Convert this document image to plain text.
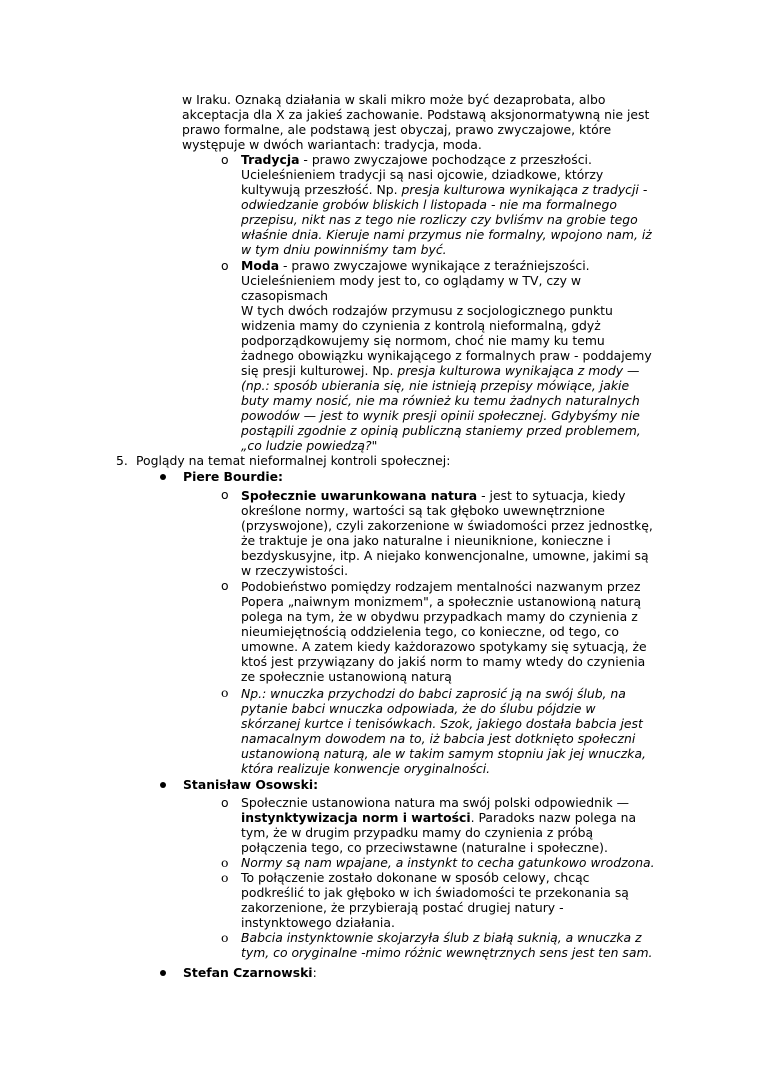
w Iraku. Oznaką działania w skali mikro może być dezaprobata, albo
akceptacja dla X za jakieś zachowanie. Podstawą aksjonormatywną nie jest
prawo formalne, ale podstawą jest obyczaj, prawo zwyczajowe, które
występuje w dwóch wariantach: tradycja, moda.
o Tradycja - prawo zwyczajowe pochodzące z przeszłości.
Ucieleśnieniem tradycji są nasi ojcowie, dziadkowe, którzy
kultywują przeszłość. Np. presja kulturowa wynikająca z tradycji -
odwiedzanie grobów bliskich l listopada - nie ma formalnego
przepisu, nikt nas z tego nie rozliczy czy bvliśmv na grobie tego
właśnie dnia. Kieruje nami przymus nie formalny, wpojono nam, iż
w tym dniu powinniśmy tam być.
o Moda - prawo zwyczajowe wynikające z teraźniejszości.
Ucieleśnieniem mody jest to, co oglądamy w TV, czy w
czasopismach
W tych dwóch rodzajów przymusu z socjologicznego punktu
widzenia mamy do czynienia z kontrolą nieformalną, gdyż
podporządkowujemy się normom, choć nie mamy ku temu
żadnego obowiązku wynikającego z formalnych praw - poddajemy
się presji kulturowej. Np. presja kulturowa wynikająca z mody —
(np.: sposób ubierania się, nie istnieją przepisy mówiące, jakie
buty mamy nosić, nie ma również ku temu żadnych naturalnych
powodów — jest to wynik presji opinii społecznej. Gdybyśmy nie
postąpili zgodnie z opinią publiczną staniemy przed problemem,
„co ludzie powiedzą?"
5. Poglądy na temat nieformalnej kontroli społecznej:
Piere Bourdie:
o Społecznie uwarunkowana natura - jest to sytuacja, kiedy
określone normy, wartości są tak głęboko uwewnętrznione
(przyswojone), czyli zakorzenione w świadomości przez jednostkę,
że traktuje je ona jako naturalne i nieuniknione, konieczne i
bezdyskusyjne, itp. A niejako konwencjonalne, umowne, jakimi są
w rzeczywistości.
o Podobieństwo pomiędzy rodzajem mentalności nazwanym przez
Popera „naiwnym monizmem", a społecznie ustanowioną naturą
polega na tym, że w obydwu przypadkach mamy do czynienia z
nieumiejętnością oddzielenia tego, co konieczne, od tego, co
umowne. A zatem kiedy każdorazowo spotykamy się sytuacją, że
ktoś jest przywiązany do jakiś norm to mamy wtedy do czynienia
ze społecznie ustanowioną naturą
o Np.: wnuczka przychodzi do babci zaprosić ją na swój ślub, na
pytanie babci wnuczka odpowiada, że do ślubu pójdzie w
skórzanej kurtce i tenisówkach. Szok, jakiego dostała babcia jest
namacalnym dowodem na to, iż babcia jest dotknięto społeczni
ustanowioną naturą, ale w takim samym stopniu jak jej wnuczka,
która realizuje konwencje oryginalności.
Stanisław Osowski:
o Społecznie ustanowiona natura ma swój polski odpowiednik —
instynktywizacja norm i wartości. Paradoks nazw polega na
tym, że w drugim przypadku mamy do czynienia z próbą
połączenia tego, co przeciwstawne (naturalne i społeczne).
o Normy są nam wpajane, a instynkt to cecha gatunkowo wrodzona.
o To połączenie zostało dokonane w sposób celowy, chcąc
podkreślić to jak głęboko w ich świadomości te przekonania są
zakorzenione, że przybierają postać drugiej natury -
instynktowego działania.
o Babcia instynktownie skojarzyła ślub z białą suknią, a wnuczka z
tym, co oryginalne -mimo różnic wewnętrznych sens jest ten sam.
Stefan Czarnowski:
